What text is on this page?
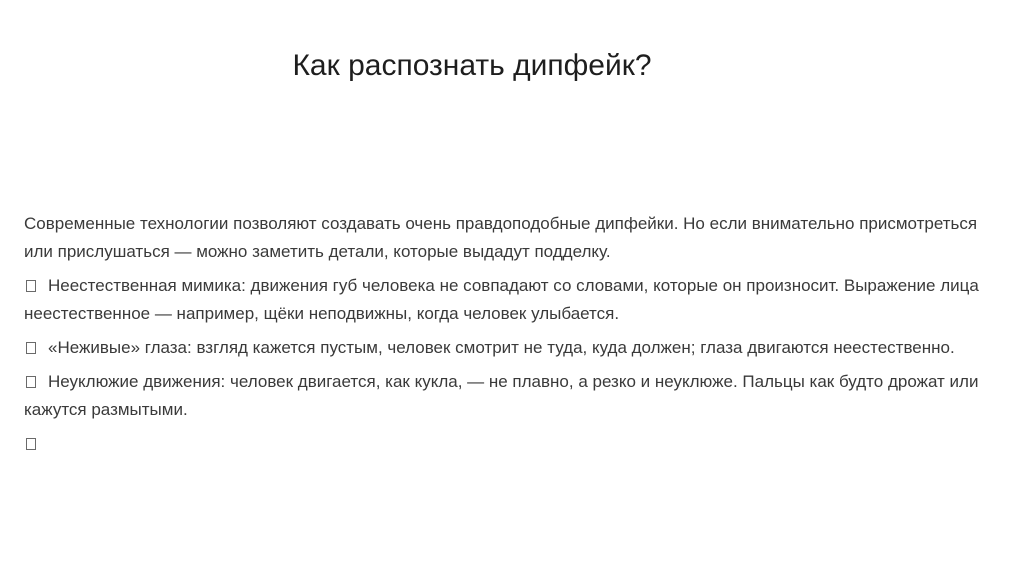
Как распознать дипфейк?

Современные технологии позволяют создавать очень правдоподобные дипфейки. Но если внимательно присмотреться или прислушаться — можно заметить детали, которые выдадут подделку.

Неестественная мимика: движения губ человека не совпадают со словами, которые он произносит. Выражение лица неестественное — например, щёки неподвижны, когда человек улыбается.

«Неживые» глаза: взгляд кажется пустым, человек смотрит не туда, куда должен; глаза двигаются неестественно.

Неуклюжие движения: человек двигается, как кукла, — не плавно, а резко и неуклюже. Пальцы как будто дрожат или кажутся размытыми.
